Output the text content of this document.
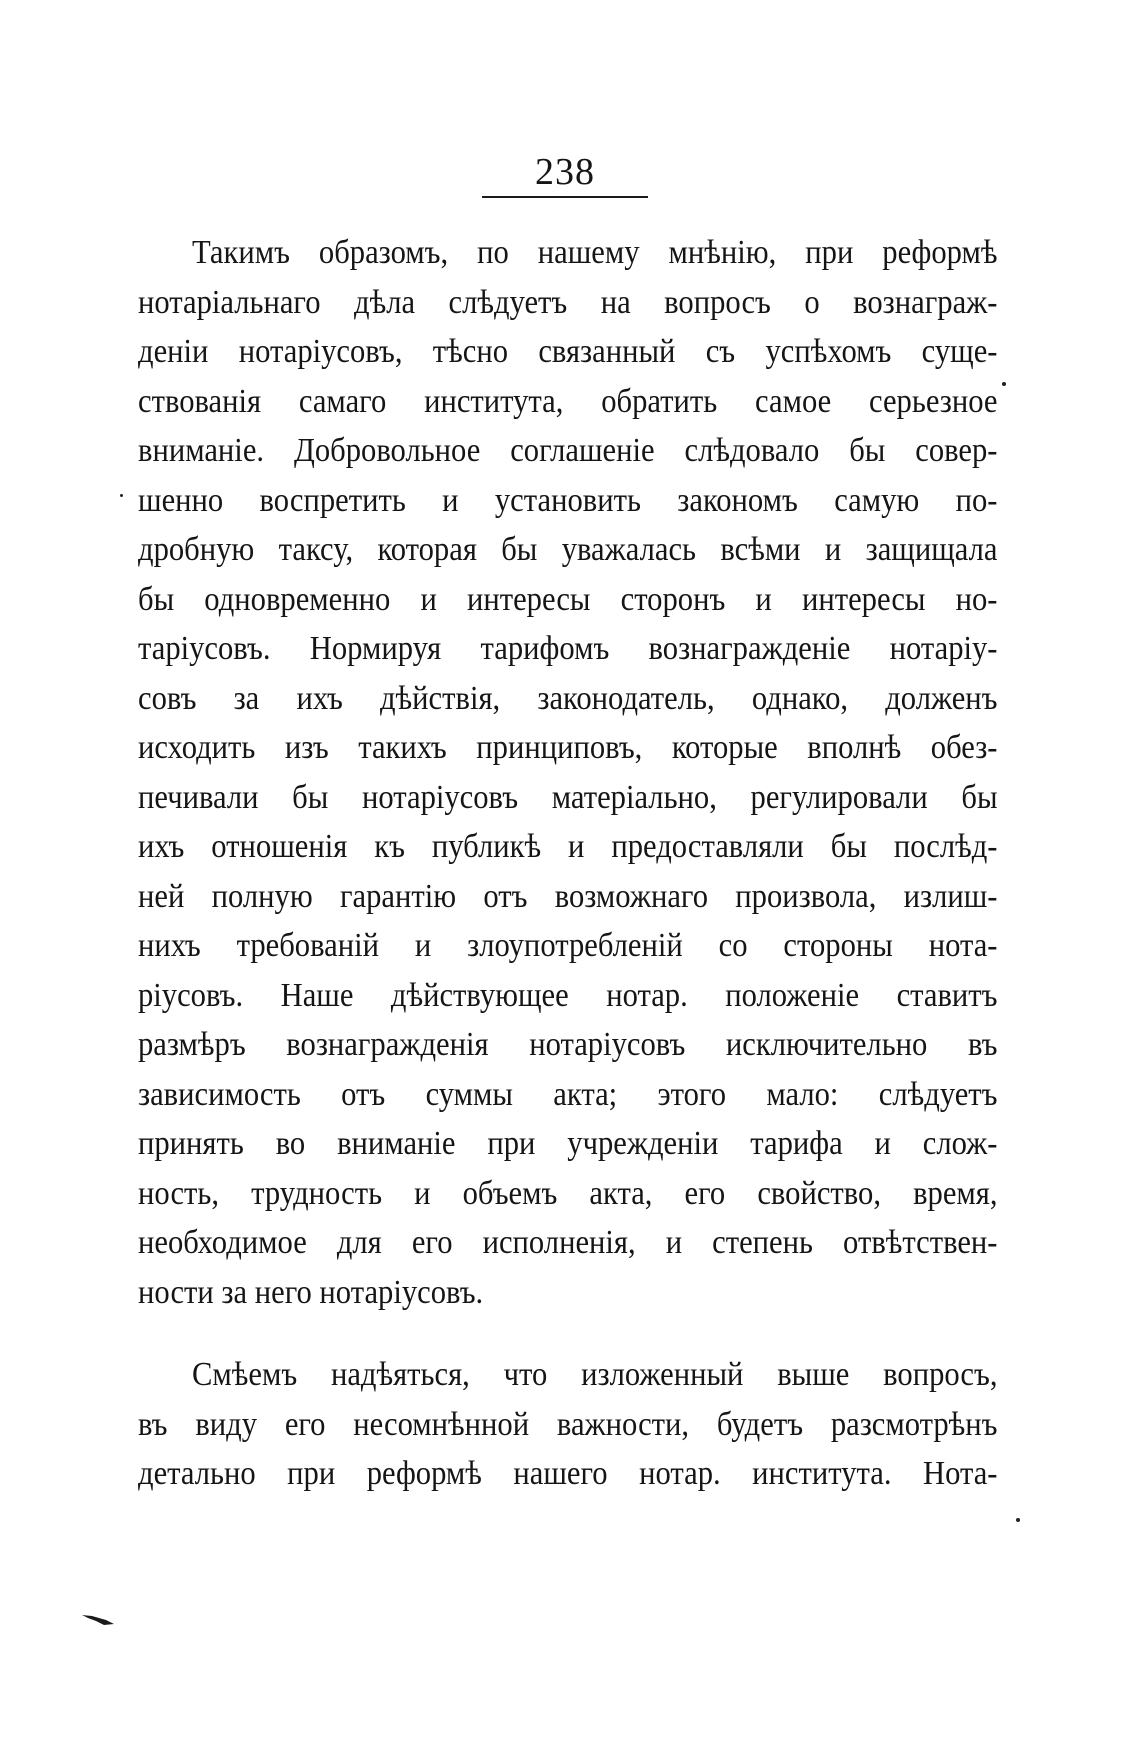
238
Такимъ образомъ, по нашему мнѣнію, при реформѣ
нотаріальнаго дѣла слѣдуетъ на вопросъ о вознаграж-
деніи нотаріусовъ, тѣсно связанный съ успѣхомъ суще-
ствованія самаго института, обратить самое серьезное
вниманіе. Добровольное соглашеніе слѣдовало бы совер-
шенно воспретить и установить закономъ самую по-
дробную таксу, которая бы уважалась всѣми и защищала
бы одновременно и интересы сторонъ и интересы но-
таріусовъ. Нормируя тарифомъ вознагражденіе нотаріу-
совъ за ихъ дѣйствія, законодатель, однако, долженъ
исходить изъ такихъ принциповъ, которые вполнѣ обез-
печивали бы нотаріусовъ матеріально, регулировали бы
ихъ отношенія къ публикѣ и предоставляли бы послѣд-
ней полную гарантію отъ возможнаго произвола, излиш-
нихъ требованій и злоупотребленій со стороны нота-
ріусовъ. Наше дѣйствующее нотар. положеніе ставитъ
размѣръ вознагражденія нотаріусовъ исключительно въ
зависимость отъ суммы акта; этого мало: слѣдуетъ
принять во вниманіе при учрежденіи тарифа и слож-
ность, трудность и объемъ акта, его свойство, время,
необходимое для его исполненія, и степень отвѣтствен-
ности за него нотаріусовъ.
Смѣемъ надѣяться, что изложенный выше вопросъ,
въ виду его несомнѣнной важности, будетъ разсмотрѣнъ
детально при реформѣ нашего нотар. института. Нота-
